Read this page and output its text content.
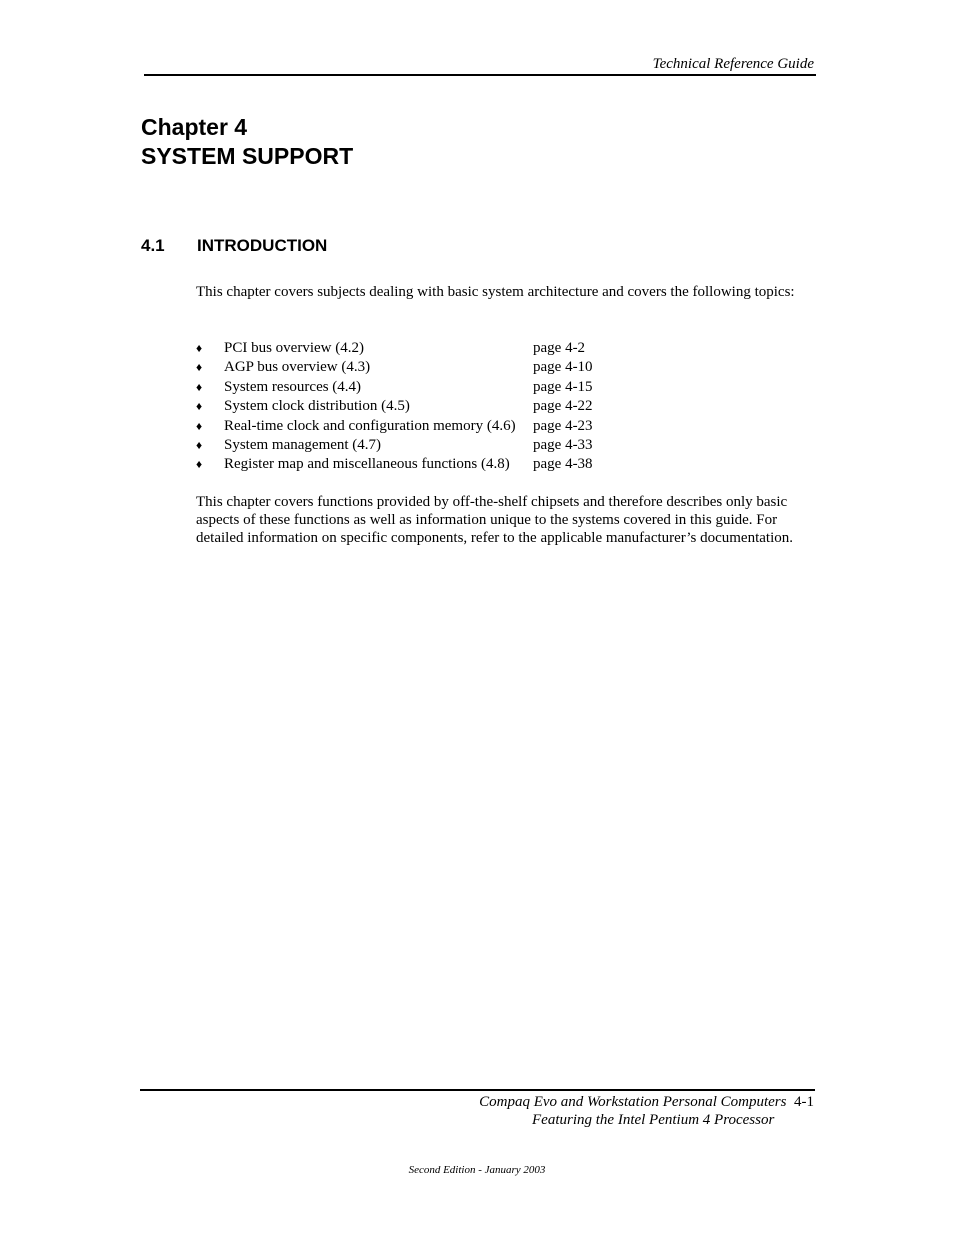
Technical Reference Guide
Chapter 4
SYSTEM SUPPORT
4.1 INTRODUCTION
This chapter covers subjects dealing with basic system architecture and covers the following topics:
♦ PCI bus overview (4.2)	page 4-2
♦ AGP bus overview (4.3)	page 4-10
♦ System resources (4.4)	page 4-15
♦ System clock distribution (4.5)	page 4-22
♦ Real-time clock and configuration memory (4.6) page 4-23
♦ System management (4.7)	page 4-33
♦ Register map and miscellaneous functions (4.8) page 4-38
This chapter covers functions provided by off-the-shelf chipsets and therefore describes only basic aspects of these functions as well as information unique to the systems covered in this guide. For detailed information on specific components, refer to the applicable manufacturer’s documentation.
Compaq Evo and Workstation Personal Computers 4-1
Featuring the Intel Pentium 4 Processor
Second Edition - January 2003
